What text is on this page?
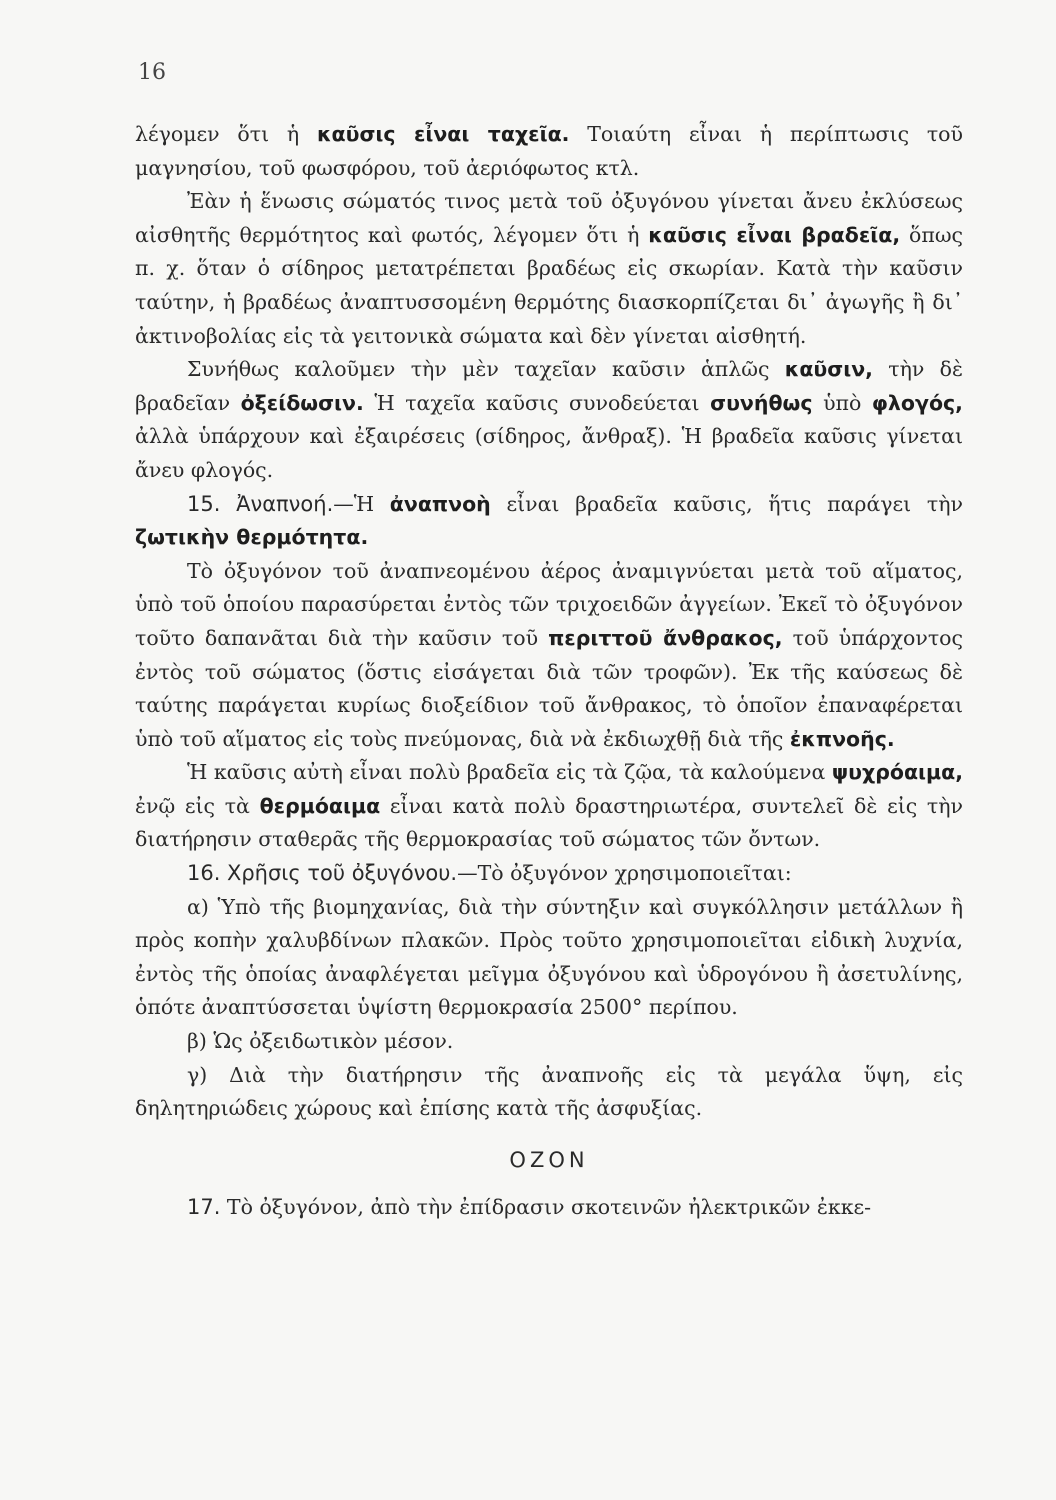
16

λέγομεν ὅτι ἡ καῦσις εἶναι ταχεῖα. Τοιαύτη εἶναι ἡ περίπτωσις τοῦ μαγνησίου, τοῦ φωσφόρου, τοῦ ἀεριόφωτος κτλ.

Ἐὰν ἡ ἕνωσις σώματός τινος μετὰ τοῦ ὀξυγόνου γίνεται ἄνευ ἐκλύσεως αἰσθητῆς θερμότητος καὶ φωτός, λέγομεν ὅτι ἡ καῦσις εἶναι βραδεῖα, ὅπως π. χ. ὅταν ὁ σίδηρος μετατρέπεται βραδέως εἰς σκωρίαν. Κατὰ τὴν καῦσιν ταύτην, ἡ βραδέως ἀναπτυσσομένη θερμότης διασκορπίζεται δι᾿ ἀγωγῆς ἢ δι᾿ ἀκτινοβολίας εἰς τὰ γειτονικὰ σώματα καὶ δὲν γίνεται αἰσθητή.

Συνήθως καλοῦμεν τὴν μὲν ταχεῖαν καῦσιν ἁπλῶς καῦσιν, τὴν δὲ βραδεῖαν ὀξείδωσιν. Ἡ ταχεῖα καῦσις συνοδεύεται συνήθως ὑπὸ φλογός, ἀλλὰ ὑπάρχουν καὶ ἐξαιρέσεις (σίδηρος, ἄνθραξ). Ἡ βραδεῖα καῦσις γίνεται ἄνευ φλογός.

15. Ἀναπνοή.—Ἡ ἀναπνοὴ εἶναι βραδεῖα καῦσις, ἥτις παράγει τὴν ζωτικὴν θερμότητα.

Τὸ ὀξυγόνον τοῦ ἀναπνεομένου ἀέρος ἀναμιγνύεται μετὰ τοῦ αἵματος, ὑπὸ τοῦ ὁποίου παρασύρεται ἐντὸς τῶν τριχοειδῶν ἀγγείων. Ἐκεῖ τὸ ὀξυγόνον τοῦτο δαπανᾶται διὰ τὴν καῦσιν τοῦ περιττοῦ ἄνθρακος, τοῦ ὑπάρχοντος ἐντὸς τοῦ σώματος (ὅστις εἰσάγεται διὰ τῶν τροφῶν). Ἐκ τῆς καύσεως δὲ ταύτης παράγεται κυρίως διοξείδιον τοῦ ἄνθρακος, τὸ ὁποῖον ἐπαναφέρεται ὑπὸ τοῦ αἵματος εἰς τοὺς πνεύμονας, διὰ νὰ ἐκδιωχθῇ διὰ τῆς ἐκπνοῆς.

Ἡ καῦσις αὐτὴ εἶναι πολὺ βραδεῖα εἰς τὰ ζῷα, τὰ καλούμενα ψυχρόαιμα, ἐνῷ εἰς τὰ θερμόαιμα εἶναι κατὰ πολὺ δραστηριωτέρα, συντελεῖ δὲ εἰς τὴν διατήρησιν σταθερᾶς τῆς θερμοκρασίας τοῦ σώματος τῶν ὄντων.

16. Χρῆσις τοῦ ὀξυγόνου.—Τὸ ὀξυγόνον χρησιμοποιεῖται:

α) Ὑπὸ τῆς βιομηχανίας, διὰ τὴν σύντηξιν καὶ συγκόλλησιν μετάλλων ἢ πρὸς κοπὴν χαλυβδίνων πλακῶν. Πρὸς τοῦτο χρησιμοποιεῖται εἰδικὴ λυχνία, ἐντὸς τῆς ὁποίας ἀναφλέγεται μεῖγμα ὀξυγόνου καὶ ὑδρογόνου ἢ ἀσετυλίνης, ὁπότε ἀναπτύσσεται ὑψίστη θερμοκρασία 2500° περίπου.

β) Ὡς ὀξειδωτικὸν μέσον.

γ) Διὰ τὴν διατήρησιν τῆς ἀναπνοῆς εἰς τὰ μεγάλα ὕψη, εἰς δηλητηριώδεις χώρους καὶ ἐπίσης κατὰ τῆς ἀσφυξίας.

ΟΖΟΝ

17. Τὸ ὀξυγόνον, ἀπὸ τὴν ἐπίδρασιν σκοτεινῶν ἠλεκτρικῶν ἐκκε-
